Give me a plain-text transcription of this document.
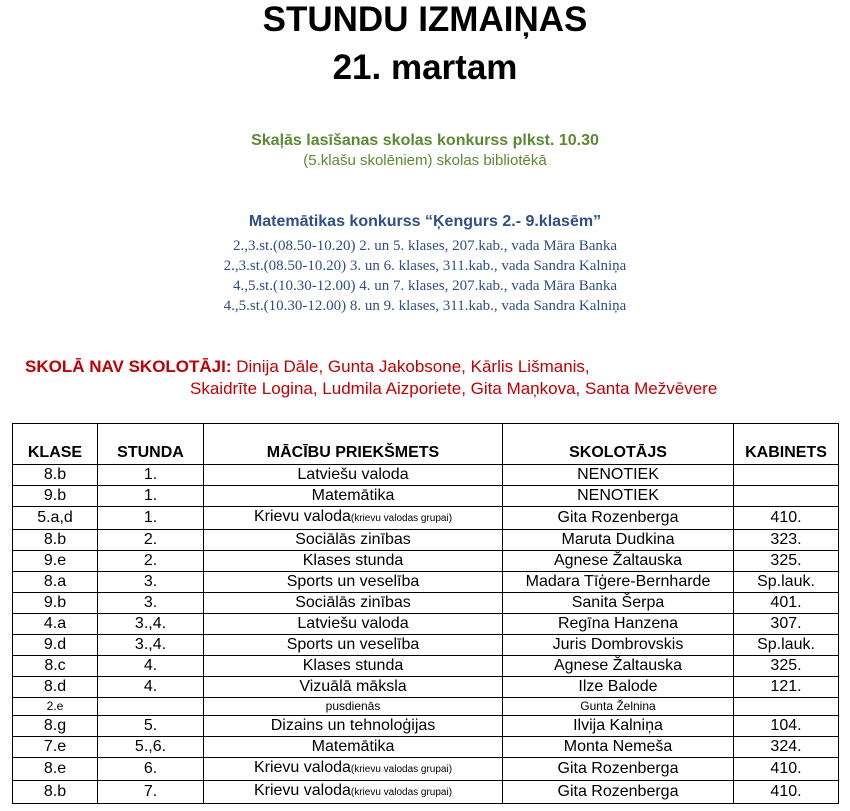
STUNDU IZMAIŅAS
21. martam
Skaļās lasīšanas skolas konkurss plkst. 10.30
(5.klašu skolēniem) skolas bibliotēkā
Matemātikas konkurss “Ķengurs 2.- 9.klasēm”
2.,3.st.(08.50-10.20) 2. un 5. klases, 207.kab., vada Māra Banka
2.,3.st.(08.50-10.20) 3. un 6. klases, 311.kab., vada Sandra Kalniņa
4.,5.st.(10.30-12.00) 4. un 7. klases, 207.kab., vada Māra Banka
4.,5.st.(10.30-12.00) 8. un 9. klases, 311.kab., vada Sandra Kalniņa
SKOLĀ NAV SKOLOTĀJI: Dinija Dāle, Gunta Jakobsone, Kārlis Lišmanis,
Skaidrīte Logina, Ludmila Aizporiete, Gita Maņkova, Santa Mežvēvere
KLASE	STUNDA	MĀCĪBU PRIEKŠMETS	SKOLOTĀJS	KABINETS
8.b	1.	Latviešu valoda	NENOTIEK	
9.b	1.	Matemātika	NENOTIEK	
5.a,d	1.	Krievu valoda(krievu valodas grupai)	Gita Rozenberga	410.
8.b	2.	Sociālās zinības	Maruta Dudkina	323.
9.e	2.	Klases stunda	Agnese Žaltauska	325.
8.a	3.	Sports un veselība	Madara Tīģere-Bernharde	Sp.lauk.
9.b	3.	Sociālās zinības	Sanita Šerpa	401.
4.a	3.,4.	Latviešu valoda	Regīna Hanzena	307.
9.d	3.,4.	Sports un veselība	Juris Dombrovskis	Sp.lauk.
8.c	4.	Klases stunda	Agnese Žaltauska	325.
8.d	4.	Vizuālā māksla	Ilze Balode	121.
2.e		pusdienās	Gunta Želnina	
8.g	5.	Dizains un tehnoloģijas	Ilvija Kalniņa	104.
7.e	5.,6.	Matemātika	Monta Nemeša	324.
8.e	6.	Krievu valoda(krievu valodas grupai)	Gita Rozenberga	410.
8.b	7.	Krievu valoda(krievu valodas grupai)	Gita Rozenberga	410.
